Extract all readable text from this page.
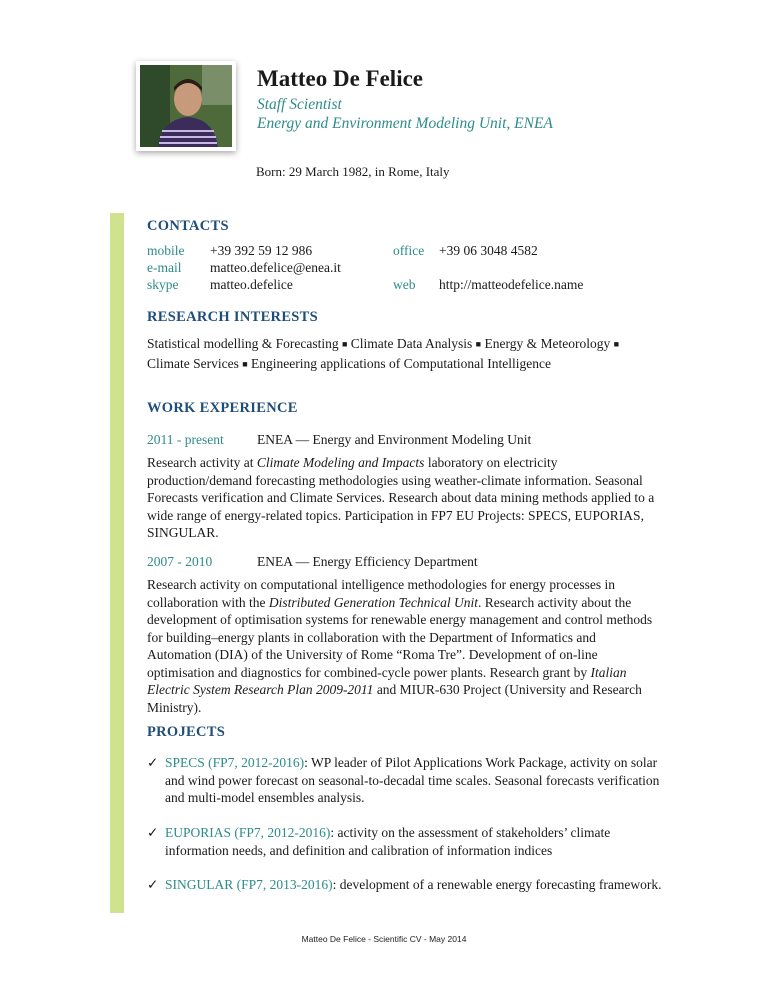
Matteo De Felice
Staff Scientist
Energy and Environment Modeling Unit, ENEA
Born: 29 March 1982, in Rome, Italy
CONTACTS
mobile
e-mail
skype
+39 392 59 12 986
matteo.defelice@enea.it
matteo.defelice
office +39 06 3048 4582
web http://matteodefelice.name
RESEARCH INTERESTS
Statistical modelling & Forecasting ■ Climate Data Analysis ■ Energy & Meteorology ■ Climate Services ■ Engineering applications of Computational Intelligence
WORK EXPERIENCE
2011 - present ENEA — Energy and Environment Modeling Unit
Research activity at Climate Modeling and Impacts laboratory on electricity production/demand forecasting methodologies using weather-climate information. Seasonal Forecasts verification and Climate Services. Research about data mining methods applied to a wide range of energy-related topics. Participation in FP7 EU Projects: SPECS, EUPORIAS, SINGULAR.
2007 - 2010	ENEA — Energy Efficiency Department
Research activity on computational intelligence methodologies for energy processes in collaboration with the Distributed Generation Technical Unit. Research activity about the development of optimisation systems for renewable energy management and control methods for building–energy plants in collaboration with the Department of Informatics and Automation (DIA) of the University of Rome “Roma Tre”. Development of on-line optimisation and diagnostics for combined-cycle power plants. Research grant by Italian Electric System Research Plan 2009-2011 and MIUR-630 Project (University and Research Ministry).
PROJECTS
✓ SPECS (FP7, 2012-2016): WP leader of Pilot Applications Work Package, activity on solar and wind power forecast on seasonal-to-decadal time scales. Seasonal forecasts verification and multi-model ensembles analysis.
✓ EUPORIAS (FP7, 2012-2016): activity on the assessment of stakeholders’ climate information needs, and definition and calibration of information indices
✓ SINGULAR (FP7, 2013-2016): development of a renewable energy forecasting framework.
Matteo De Felice - Scientific CV - May 2014
